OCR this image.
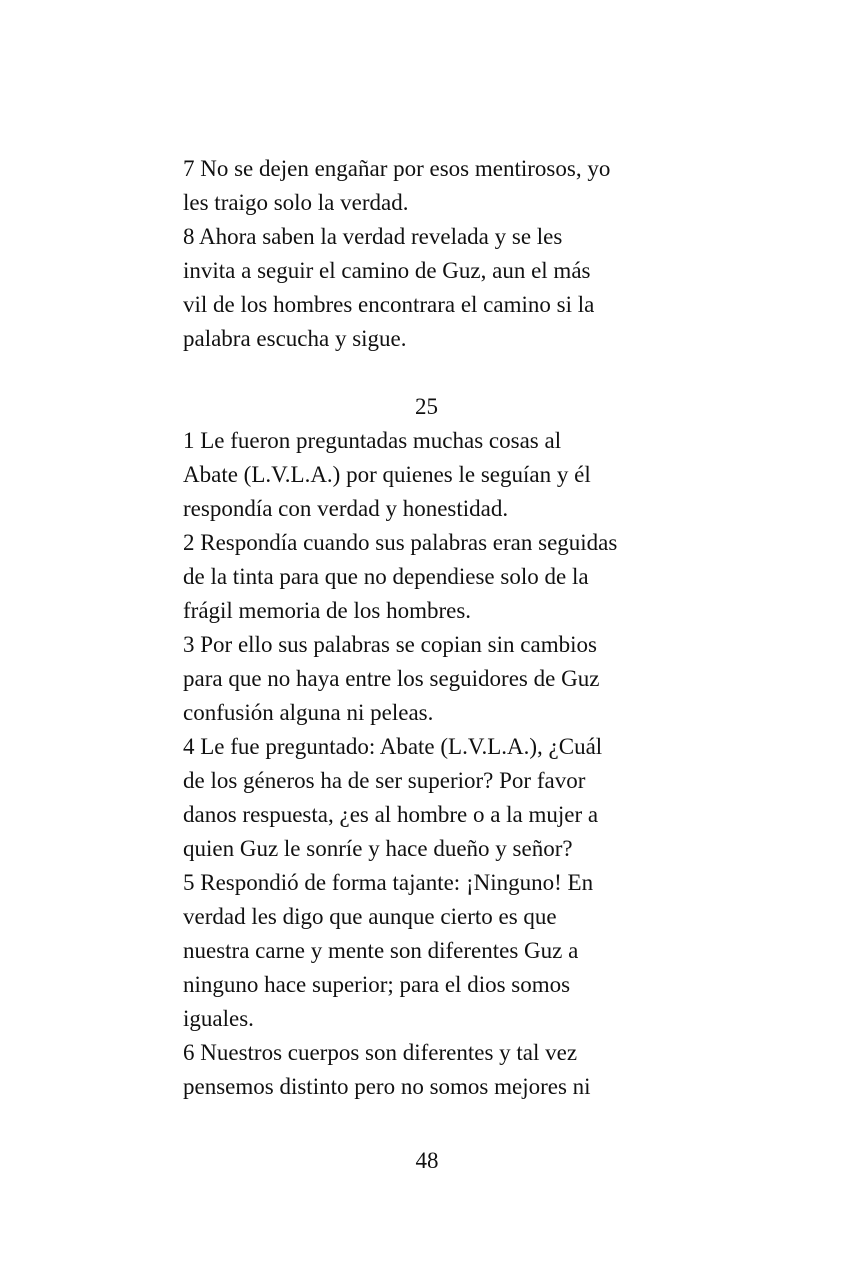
7 No se dejen engañar por esos mentirosos, yo
les traigo solo la verdad.
8 Ahora saben la verdad revelada y se les
invita a seguir el camino de Guz, aun el más
vil de los hombres encontrara el camino si la
palabra escucha y sigue.
25
1 Le fueron preguntadas muchas cosas al
Abate (L.V.L.A.) por quienes le seguían y él
respondía con verdad y honestidad.
2 Respondía cuando sus palabras eran seguidas
de la tinta para que no dependiese solo de la
frágil memoria de los hombres.
3 Por ello sus palabras se copian sin cambios
para que no haya entre los seguidores de Guz
confusión alguna ni peleas.
4 Le fue preguntado: Abate (L.V.L.A.), ¿Cuál
de los géneros ha de ser superior? Por favor
danos respuesta, ¿es al hombre o a la mujer a
quien Guz le sonríe y hace dueño y señor?
5 Respondió de forma tajante: ¡Ninguno! En
verdad les digo que aunque cierto es que
nuestra carne y mente son diferentes Guz a
ninguno hace superior; para el dios somos
iguales.
6 Nuestros cuerpos son diferentes y tal vez
pensemos distinto pero no somos mejores ni
48
